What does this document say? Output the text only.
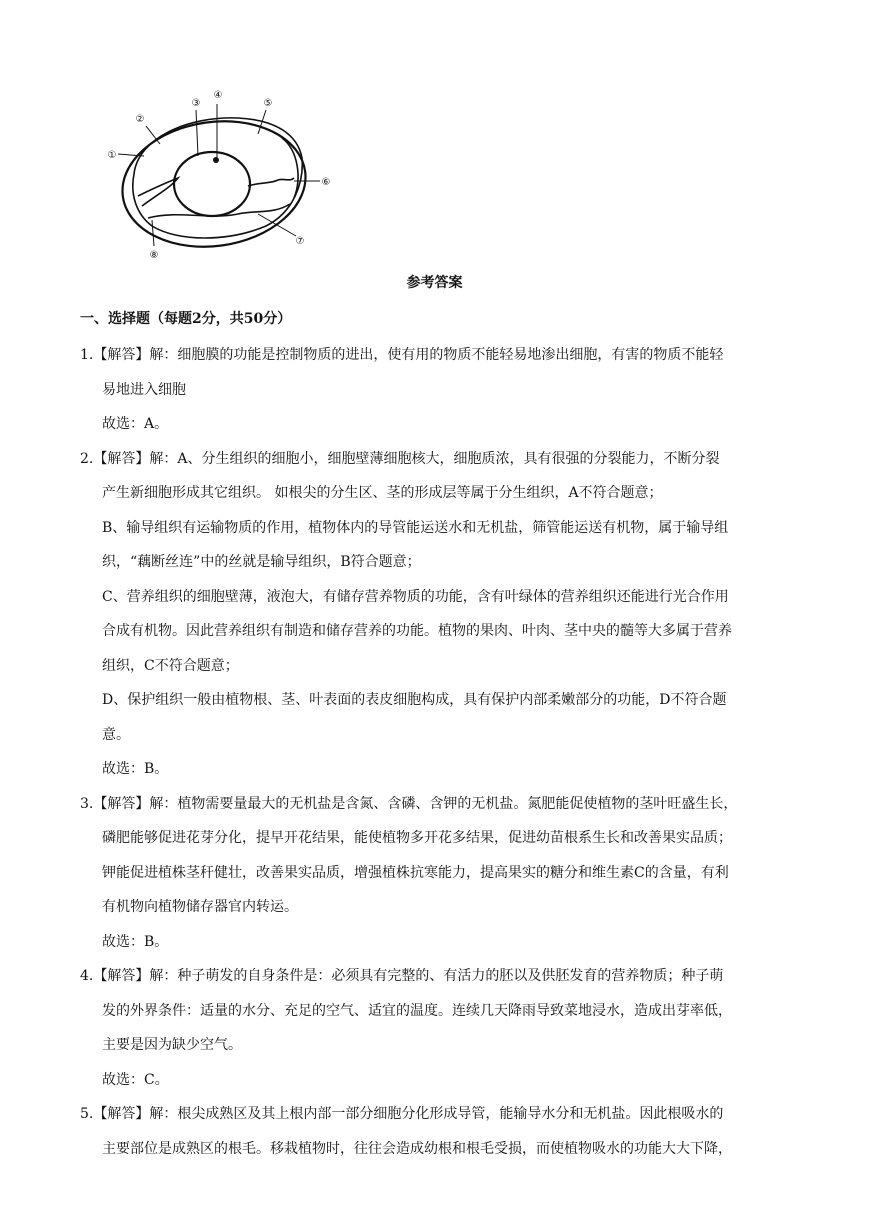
①
②
③
④
⑤
⑥
⑦
⑧
参考答案
一、选择题（每题2分，共50分）
1.【解答】解：细胞膜的功能是控制物质的进出，使有用的物质不能轻易地渗出细胞，有害的物质不能轻
易地进入细胞
故选：A。
2.【解答】解：A、分生组织的细胞小，细胞壁薄细胞核大，细胞质浓，具有很强的分裂能力，不断分裂
产生新细胞形成其它组织。 如根尖的分生区、茎的形成层等属于分生组织，A不符合题意；
B、输导组织有运输物质的作用，植物体内的导管能运送水和无机盐，筛管能运送有机物，属于输导组
织，“藕断丝连”中的丝就是输导组织，B符合题意；
C、营养组织的细胞壁薄，液泡大，有储存营养物质的功能，含有叶绿体的营养组织还能进行光合作用
合成有机物。因此营养组织有制造和储存营养的功能。植物的果肉、叶肉、茎中央的髓等大多属于营养
组织，C不符合题意；
D、保护组织一般由植物根、茎、叶表面的表皮细胞构成，具有保护内部柔嫩部分的功能，D不符合题
意。
故选：B。
3.【解答】解：植物需要量最大的无机盐是含氮、含磷、含钾的无机盐。氮肥能促使植物的茎叶旺盛生长，
磷肥能够促进花芽分化，提早开花结果，能使植物多开花多结果，促进幼苗根系生长和改善果实品质；
钾能促进植株茎秆健壮，改善果实品质，增强植株抗寒能力，提高果实的糖分和维生素C的含量，有利
有机物向植物储存器官内转运。
故选：B。
4.【解答】解：种子萌发的自身条件是：必须具有完整的、有活力的胚以及供胚发育的营养物质；种子萌
发的外界条件：适量的水分、充足的空气、适宜的温度。连续几天降雨导致菜地浸水，造成出芽率低，
主要是因为缺少空气。
故选：C。
5.【解答】解：根尖成熟区及其上根内部一部分细胞分化形成导管，能输导水分和无机盐。因此根吸水的
主要部位是成熟区的根毛。移栽植物时，往往会造成幼根和根毛受损，而使植物吸水的功能大大下降，
